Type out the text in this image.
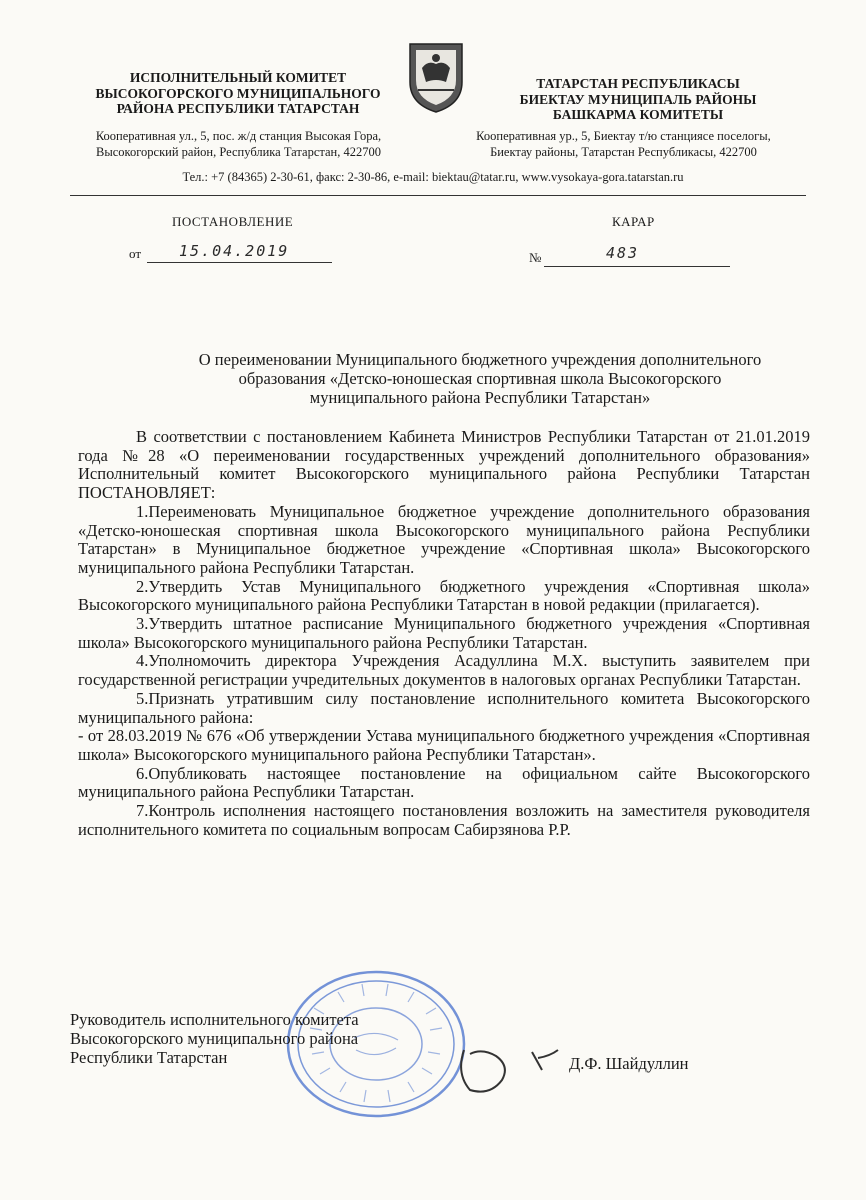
ИСПОЛНИТЕЛЬНЫЙ КОМИТЕТ
ВЫСОКОГОРСКОГО МУНИЦИПАЛЬНОГО
РАЙОНА РЕСПУБЛИКИ ТАТАРСТАН
ТАТАРСТАН РЕСПУБЛИКАСЫ
БИЕКТАУ МУНИЦИПАЛЬ РАЙОНЫ
БАШКАРМА КОМИТЕТЫ
Кооперативная ул., 5, пос. ж/д станция Высокая Гора,
Высокогорский район, Республика Татарстан, 422700
Кооперативная ур., 5, Биектау т/ю станциясе поселогы,
Биектау районы, Татарстан Республикасы, 422700
Тел.: +7 (84365) 2-30-61, факс: 2-30-86, e-mail: biektau@tatar.ru, www.vysokaya-gora.tatarstan.ru
ПОСТАНОВЛЕНИЕ	КАРАР
от	15.04.2019	№	483
О переименовании Муниципального бюджетного учреждения дополнительного
образования «Детско-юношеская спортивная школа Высокогорского
муниципального района Республики Татарстан»

В соответствии с постановлением Кабинета Министров Республики Татарстан от 21.01.2019 года №28 «О переименовании государственных учреждений дополнительного образования» Исполнительный комитет Высокогорского муниципального района Республики Татарстан ПОСТАНОВЛЯЕТ:

1.Переименовать Муниципальное бюджетное учреждение дополнительного образования «Детско-юношеская спортивная школа Высокогорского муниципального района Республики Татарстан» в Муниципальное бюджетное учреждение «Спортивная школа» Высокогорского муниципального района Республики Татарстан.

2.Утвердить Устав Муниципального бюджетного учреждения «Спортивная школа» Высокогорского муниципального района Республики Татарстан в новой редакции (прилагается).

3.Утвердить штатное расписание Муниципального бюджетного учреждения «Спортивная школа» Высокогорского муниципального района Республики Татарстан.

4.Уполномочить директора Учреждения Асадуллина М.Х. выступить заявителем при государственной регистрации учредительных документов в налоговых органах Республики Татарстан.

5.Признать утратившим силу постановление исполнительного комитета Высокогорского муниципального района:

- от 28.03.2019 № 676 «Об утверждении Устава муниципального бюджетного учреждения «Спортивная школа» Высокогорского муниципального района Республики Татарстан».

6.Опубликовать настоящее постановление на официальном сайте Высокогорского муниципального района Республики Татарстан.

7.Контроль исполнения настоящего постановления возложить на заместителя руководителя исполнительного комитета по социальным вопросам Сабирзянова Р.Р.

Руководитель исполнительного комитета
Высокогорского муниципального района
Республики Татарстан	Д.Ф. Шайдуллин
